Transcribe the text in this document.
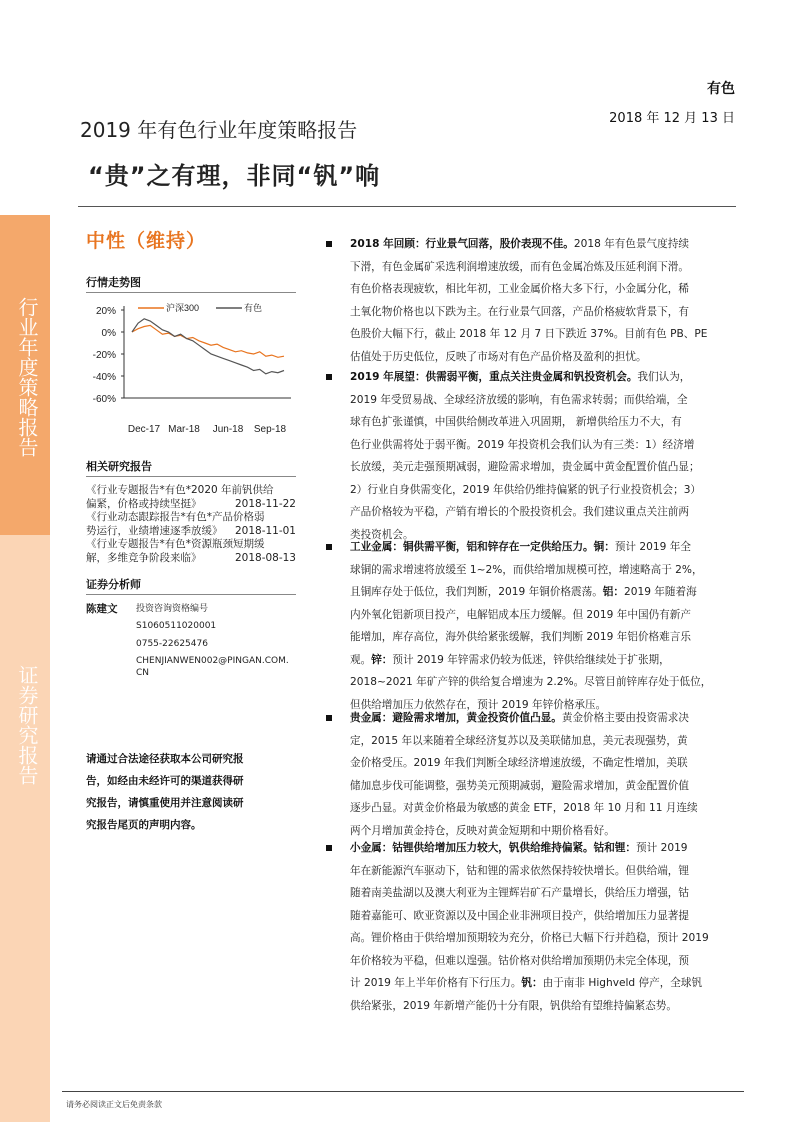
行业年度策略报告
证券研究报告
有色
2018 年 12 月 13 日
2019 年有色行业年度策略报告
“贵”之有理，非同“钒”响
中性（维持）
行情走势图
20%
0%
-20%
-40%
-60%
Dec-17 Mar-18 Jun-18 Sep-18
沪深300	有色
相关研究报告
《行业专题报告*有色*2020 年前钒供给
偏紧，价格或持续坚挺》	2018-11-22
《行业动态跟踪报告*有色*产品价格弱
势运行，业绩增速逐季放缓》 2018-11-01
《行业专题报告*有色*资源瓶颈短期缓
解，多维竞争阶段来临》	2018-08-13
证券分析师
陈建文 投资咨询资格编号
S1060511020001
0755-22625476
CHENJIANWEN002@PINGAN.COM.
CN
请通过合法途径获取本公司研究报
告，如经由未经许可的渠道获得研
究报告，请慎重使用并注意阅读研
究报告尾页的声明内容。
2018 年回顾：行业景气回落，股价表现不佳。2018 年有色景气度持续
下滑，有色金属矿采选利润增速放缓，而有色金属冶炼及压延利润下滑。
有色价格表现疲软，相比年初，工业金属价格大多下行，小金属分化，稀
土氧化物价格也以下跌为主。在行业景气回落，产品价格疲软背景下，有
色股价大幅下行，截止 2018 年 12 月 7 日下跌近 37%。目前有色 PB、PE
估值处于历史低位，反映了市场对有色产品价格及盈利的担忧。
2019 年展望：供需弱平衡，重点关注贵金属和钒投资机会。我们认为，
2019 年受贸易战、全球经济放缓的影响，有色需求转弱；而供给端，全
球有色扩张谨慎，中国供给侧改革进入巩固期， 新增供给压力不大，有
色行业供需将处于弱平衡。2019 年投资机会我们认为有三类：1）经济增
长放缓，美元走强预期减弱，避险需求增加，贵金属中黄金配置价值凸显；
2）行业自身供需变化，2019 年供给仍维持偏紧的钒子行业投资机会；3）
产品价格较为平稳，产销有增长的个股投资机会。我们建议重点关注前两
类投资机会。
工业金属：铜供需平衡，铝和锌存在一定供给压力。铜：预计 2019 年全
球铜的需求增速将放缓至 1~2%，而供给增加规模可控，增速略高于 2%，
且铜库存处于低位，我们判断，2019 年铜价格震荡。铝：2019 年随着海
内外氧化铝新项目投产，电解铝成本压力缓解。但 2019 年中国仍有新产
能增加，库存高位，海外供给紧张缓解，我们判断 2019 年铝价格难言乐
观。锌：预计 2019 年锌需求仍较为低迷，锌供给继续处于扩张期，
2018~2021 年矿产锌的供给复合增速为 2.2%。尽管目前锌库存处于低位，
但供给增加压力依然存在，预计 2019 年锌价格承压。
贵金属：避险需求增加，黄金投资价值凸显。黄金价格主要由投资需求决
定，2015 年以来随着全球经济复苏以及美联储加息，美元表现强势，黄
金价格受压。2019 年我们判断全球经济增速放缓，不确定性增加，美联
储加息步伐可能调整，强势美元预期减弱，避险需求增加，黄金配置价值
逐步凸显。对黄金价格最为敏感的黄金 ETF，2018 年 10 月和 11 月连续
两个月增加黄金持仓，反映对黄金短期和中期价格看好。
小金属：钴锂供给增加压力较大，钒供给维持偏紧。钴和锂：预计 2019
年在新能源汽车驱动下，钴和锂的需求依然保持较快增长。但供给端，锂
随着南美盐湖以及澳大利亚为主锂辉岩矿石产量增长，供给压力增强，钴
随着嘉能可、欧亚资源以及中国企业非洲项目投产，供给增加压力显著提
高。锂价格由于供给增加预期较为充分，价格已大幅下行并趋稳，预计 2019
年价格较为平稳，但难以遑强。钴价格对供给增加预期仍未完全体现，预
计 2019 年上半年价格有下行压力。钒：由于南非 Highveld 停产，全球钒
供给紧张，2019 年新增产能仍十分有限，钒供给有望维持偏紧态势。
请务必阅读正文后免责条款
